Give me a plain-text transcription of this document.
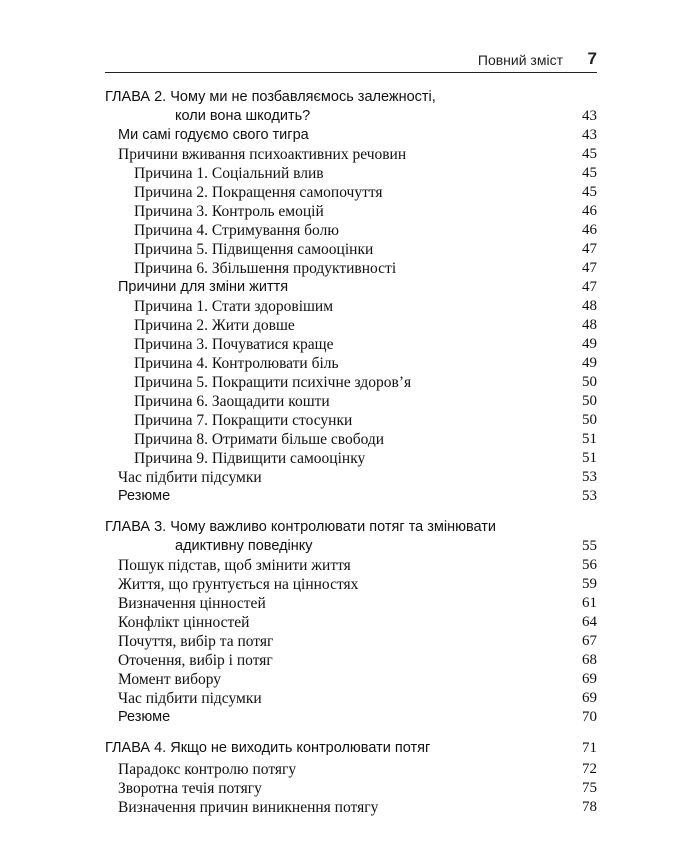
Повний зміст 7
ГЛАВА 2. Чому ми не позбавляємось залежності,
коли вона шкодить?	43
Ми самі годуємо свого тигра	43
Причини вживання психоактивних речовин	45
Причина 1. Соціальний влив	45
Причина 2. Покращення самопочуття	45
Причина 3. Контроль емоцій	46
Причина 4. Стримування болю	46
Причина 5. Підвищення самооцінки	47
Причина 6. Збільшення продуктивності	47
Причини для зміни життя	47
Причина 1. Стати здоровішим	48
Причина 2. Жити довше	48
Причина 3. Почуватися краще	49
Причина 4. Контролювати біль	49
Причина 5. Покращити психічне здоров’я	50
Причина 6. Заощадити кошти	50
Причина 7. Покращити стосунки	50
Причина 8. Отримати більше свободи	51
Причина 9. Підвищити самооцінку	51
Час підбити підсумки	53
Резюме	53
ГЛАВА 3. Чому важливо контролювати потяг та змінювати
адиктивну поведінку	55
Пошук підстав, щоб змінити життя	56
Життя, що ґрунтується на цінностях	59
Визначення цінностей	61
Конфлікт цінностей	64
Почуття, вибір та потяг	67
Оточення, вибір і потяг	68
Момент вибору	69
Час підбити підсумки	69
Резюме	70
ГЛАВА 4. Якщо не виходить контролювати потяг	71
Парадокс контролю потягу	72
Зворотна течія потягу	75
Визначення причин виникнення потягу	78
